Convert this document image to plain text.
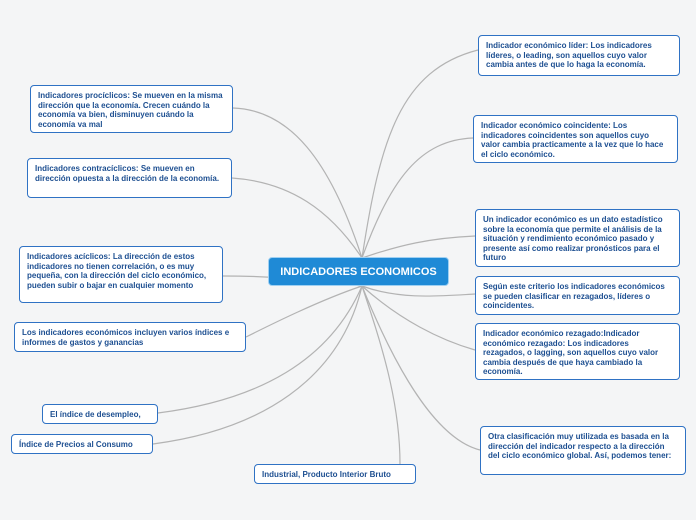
INDICADORES ECONOMICOS
Indicador económico líder: Los indicadores líderes, o leading, son aquellos cuyo valor cambia antes de que lo haga la economía.
Indicador económico coincidente: Los indicadores coincidentes son aquellos cuyo valor cambia practicamente a la vez que lo hace el ciclo económico.
Un indicador económico es un dato estadístico sobre la economía que permite el análisis de la situación y rendimiento económico pasado y presente así como realizar pronósticos para el futuro
Según este criterio los indicadores económicos se pueden clasificar en rezagados, líderes o coincidentes.
Indicador económico rezagado:Indicador económico rezagado: Los indicadores rezagados, o lagging, son aquellos cuyo valor cambia después de que haya cambiado la economía.
Otra clasificación muy utilizada es basada en la dirección del indicador respecto a la dirección del ciclo económico global. Así, podemos tener:
Indicadores procíclicos: Se mueven en la misma dirección que la economía. Crecen cuándo la economía va bien, disminuyen cuándo la economía va mal
Indicadores contracíclicos: Se mueven en dirección opuesta a la dirección de la economía.
Indicadores acíclicos: La dirección de estos indicadores no tienen correlación, o es muy pequeña, con la dirección del ciclo económico, pueden subir o bajar en cualquier momento
Los indicadores económicos incluyen varios índices e informes de gastos y ganancias
El índice de desempleo,
Índice de Precios al Consumo
Industrial, Producto Interior Bruto
